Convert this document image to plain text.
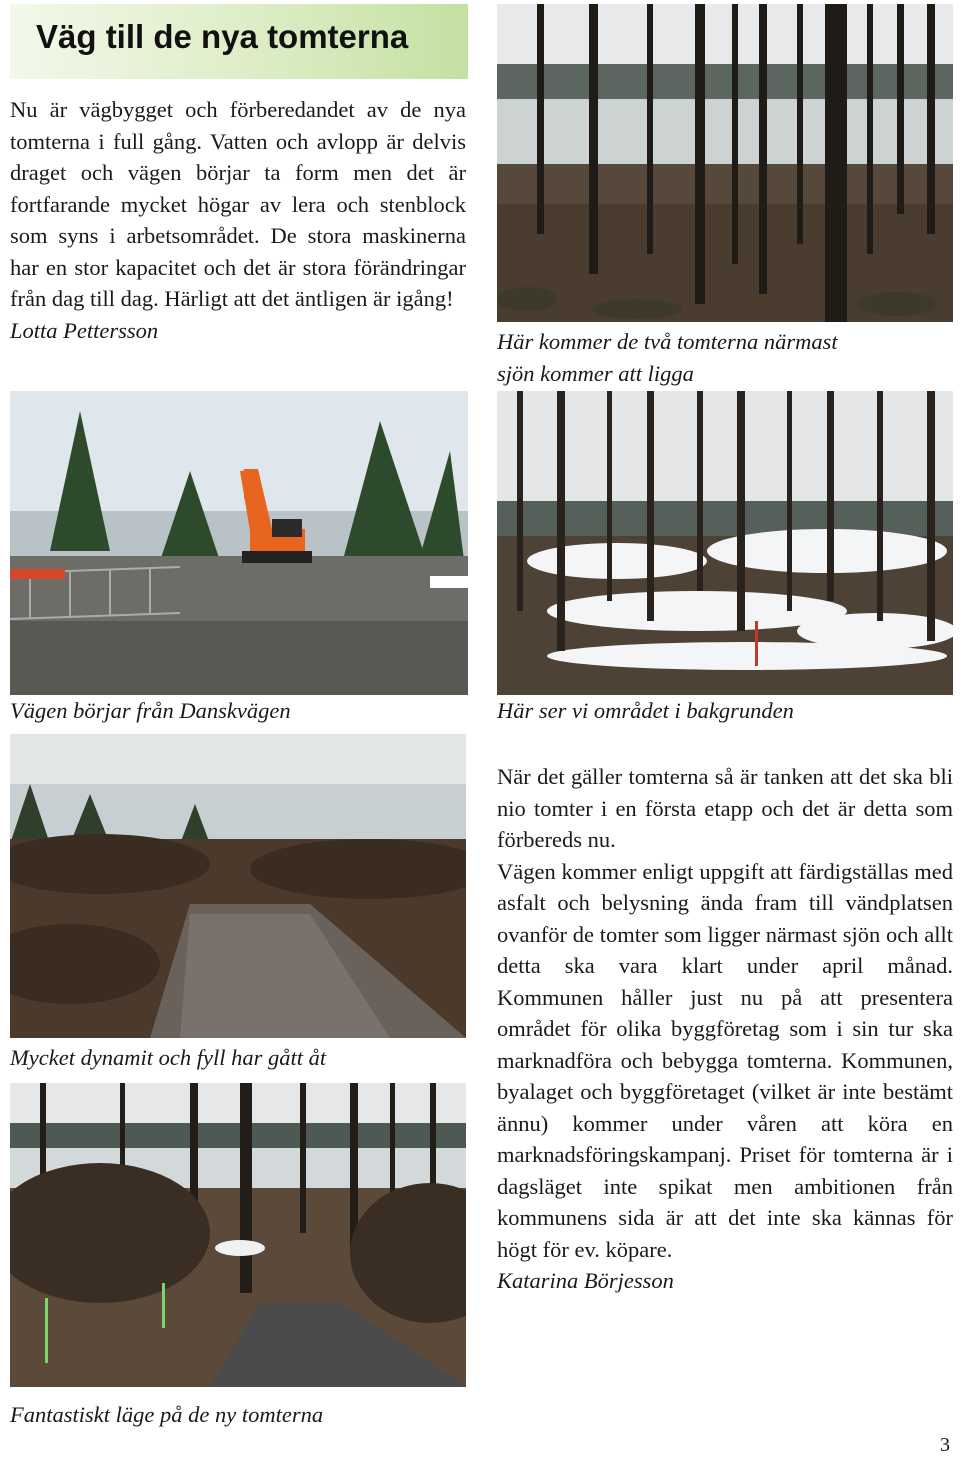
Väg till de nya tomterna

Nu är vägbygget och förberedandet av de nya tomterna i full gång. Vatten och avlopp är delvis draget och vägen börjar ta form men det är fortfarande mycket högar av lera och stenblock som syns i arbetsområdet. De stora maskinerna har en stor kapacitet och det är stora förändringar från dag till dag. Härligt att det äntligen är igång!

Lotta Pettersson	Här kommer de två tomterna närmast
sjön kommer att ligga
Vägen börjar från Danskvägen	Här ser vi området i bakgrunden
Mycket dynamit och fyll har gått åt
Fantastiskt läge på de ny tomterna

När det gäller tomterna så är tanken att det ska bli nio tomter i en första etapp och det är detta som förbereds nu.

Vägen kommer enligt uppgift att färdigställas med asfalt och belysning ända fram till vändplatsen ovanför de tomter som ligger närmast sjön och allt detta ska vara klart under april månad. Kommunen håller just nu på att presentera området för olika byggföretag som i sin tur ska marknadföra och bebygga tomterna. Kommunen, byalaget och byggföretaget (vilket är inte bestämt ännu) kommer under våren att köra en marknadsföringskampanj. Priset för tomterna är i dagsläget inte spikat men ambitionen från kommunens sida är att det inte ska kännas för högt för ev. köpare.

Katarina Börjesson

3
